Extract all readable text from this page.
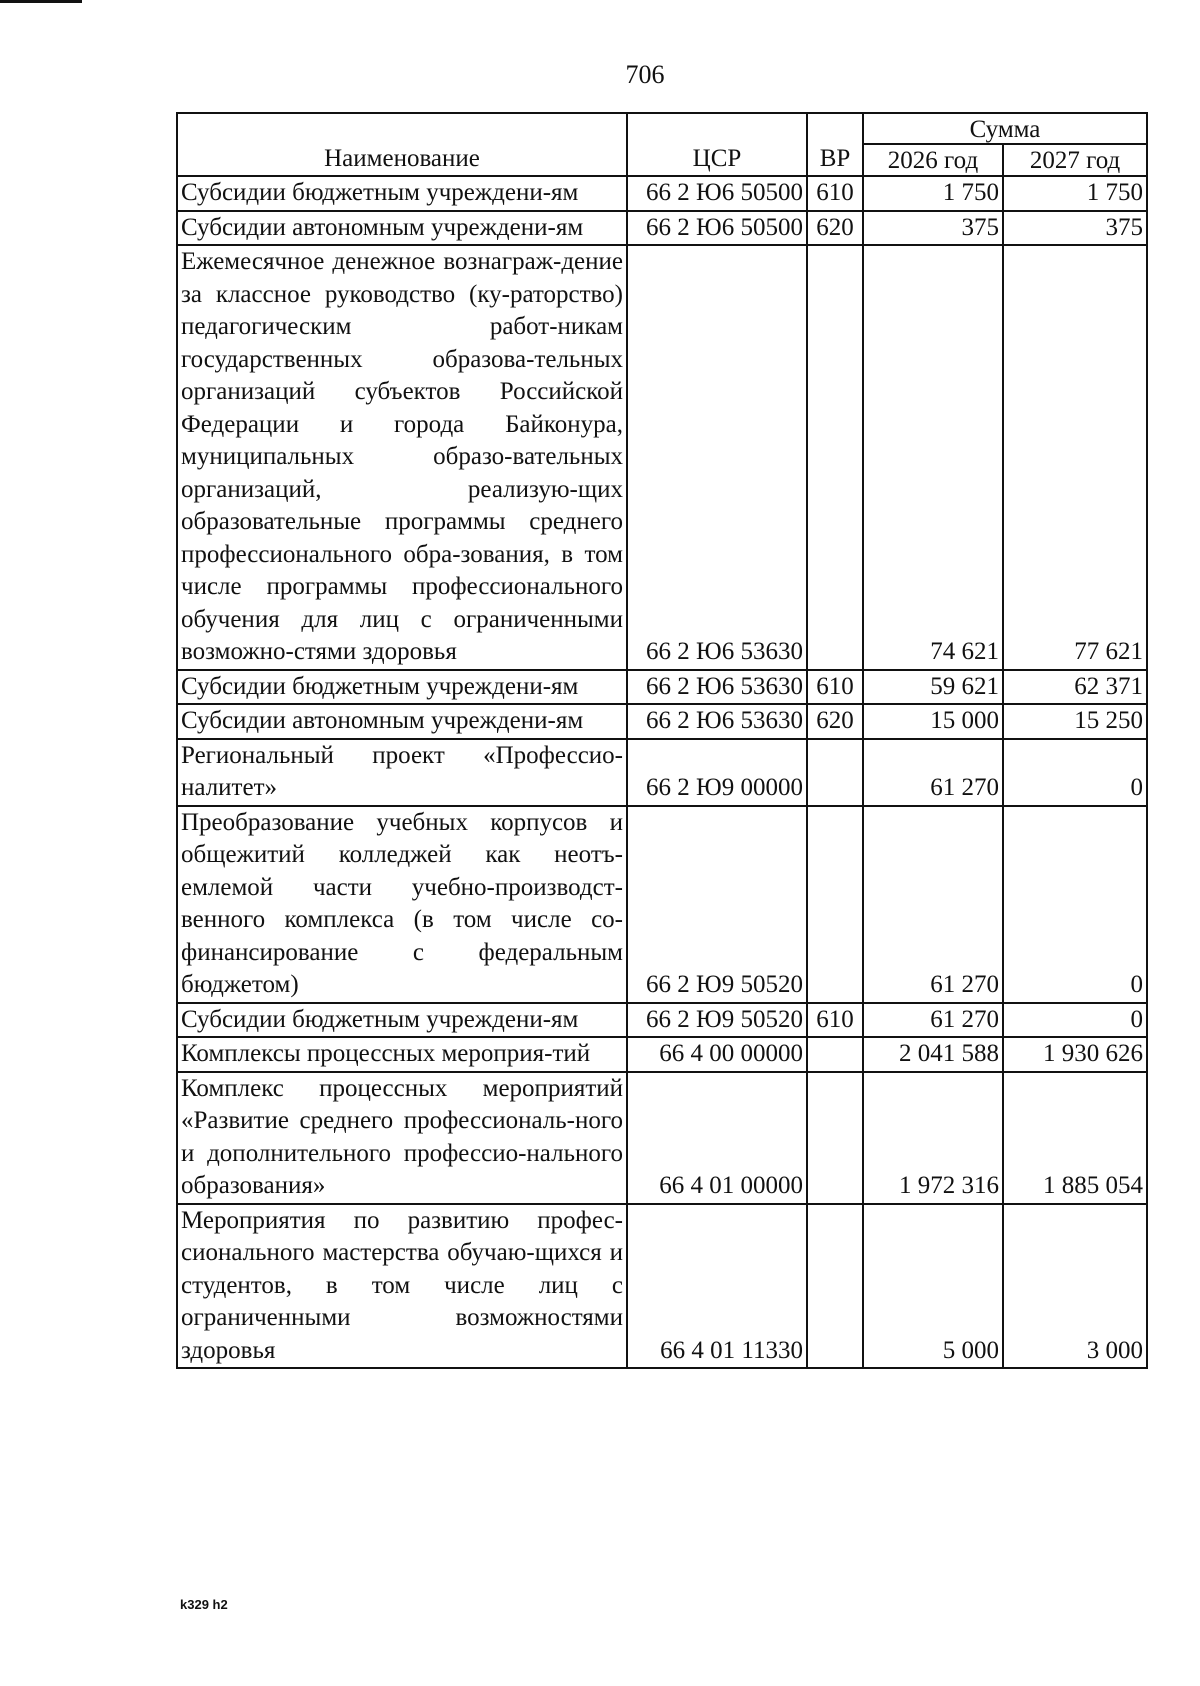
706
Наименование	ЦСР	ВР	Сумма	
			2026 год	2027 год
Субсидии бюджетным учреждени-ям	66 2 Ю6 50500	610	1 750	1 750
Субсидии автономным учреждени-ям	66 2 Ю6 50500	620	375	375
Ежемесячное денежное вознаграж-дение за классное руководство (ку-раторство) педагогическим работ-никам государственных образова-тельных организаций субъектов Российской Федерации и города Байконура, муниципальных образо-вательных организаций, реализую-щих образовательные программы среднего профессионального обра-зования, в том числе программы профессионального обучения для лиц с ограниченными возможно-стями здоровья	66 2 Ю6 53630		74 621	77 621
Субсидии бюджетным учреждени-ям	66 2 Ю6 53630	610	59 621	62 371
Субсидии автономным учреждени-ям	66 2 Ю6 53630	620	15 000	15 250
Региональный проект «Профессио-налитет»	66 2 Ю9 00000		61 270	0
Преобразование учебных корпусов и общежитий колледжей как неотъ-емлемой части учебно-производст-венного комплекса (в том числе со-финансирование с федеральным бюджетом)	66 2 Ю9 50520		61 270	0
Субсидии бюджетным учреждени-ям	66 2 Ю9 50520	610	61 270	0
Комплексы процессных мероприя-тий	66 4 00 00000		2 041 588	1 930 626
Комплекс процессных мероприятий «Развитие среднего профессиональ-ного и дополнительного профессио-нального образования»	66 4 01 00000		1 972 316	1 885 054
Мероприятия по развитию профес-сионального мастерства обучаю-щихся и студентов, в том числе лиц с ограниченными возможностями здоровья	66 4 01 11330		5 000	3 000
k329 h2
